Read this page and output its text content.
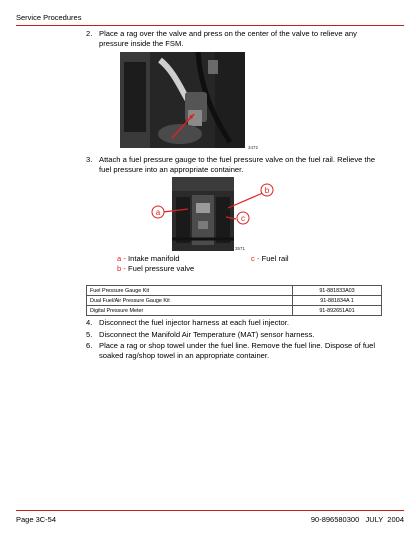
Service Procedures
2. Place a rag over the valve and press on the center of the valve to relieve any pressure inside the FSM.
3472
3. Attach a fuel pressure gauge to the fuel pressure valve on the fuel rail. Relieve the fuel pressure into an appropriate container.
a
b
c
3571
a - Intake manifold
b - Fuel pressure valve
c - Fuel rail
Fuel Pressure Gauge Kit	91-881833A03
Dual Fuel/Air Pressure Gauge Kit	91-881834A 1
Digital Pressure Meter	91-892651A01
4. Disconnect the fuel injector harness at each fuel injector.
5. Disconnect the Manifold Air Temperature (MAT) sensor harness.
6. Place a rag or shop towel under the fuel line. Remove the fuel line. Dispose of fuel soaked rag/shop towel in an appropriate container.
Page 3C-54	90-896580300   JULY  2004
